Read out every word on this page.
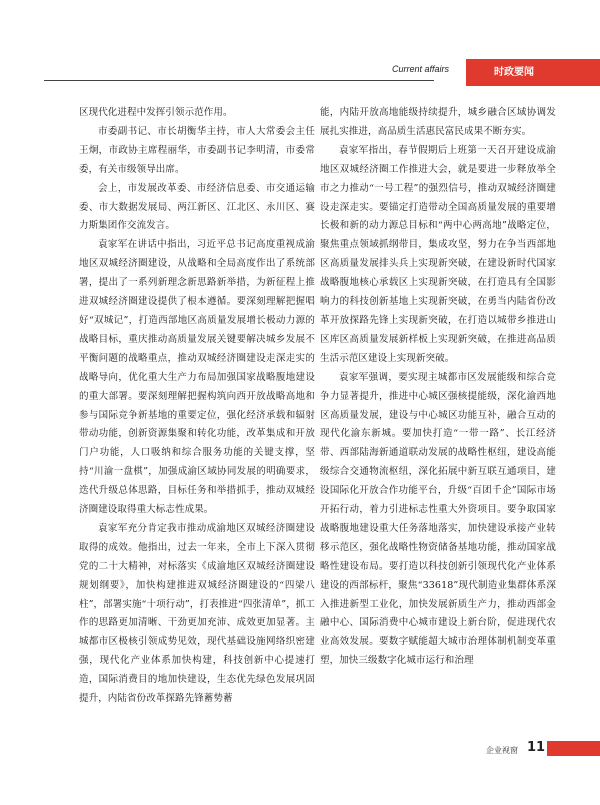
Current affairs	时政要闻

区现代化进程中发挥引领示范作用。

市委副书记、市长胡衡华主持，市人大常委会主任王炯，市政协主席程丽华，市委副书记李明清，市委常委，有关市级领导出席。

会上，市发展改革委、市经济信息委、市交通运输委、市大数据发展局、两江新区、江北区、永川区、赛力斯集团作交流发言。

袁家军在讲话中指出，习近平总书记高度重视成渝地区双城经济圈建设，从战略和全局高度作出了系统部署，提出了一系列新理念新思路新举措，为新征程上推进双城经济圈建设提供了根本遵循。要深刻理解把握唱好“双城记”，打造西部地区高质量发展增长极动力源的战略目标，重庆推动高质量发展关键要解决城乡发展不平衡问题的战略重点，推动双城经济圈建设走深走实的战略导向，优化重大生产力布局加强国家战略腹地建设的重大部署。要深刻理解把握构筑向西开放战略高地和参与国际竞争新基地的重要定位，强化经济承载和辐射带动功能，创新资源集聚和转化功能，改革集成和开放门户功能，人口吸纳和综合服务功能的关键支撑，坚持“川渝一盘棋”，加强成渝区域协同发展的明确要求，迭代升级总体思路，目标任务和举措抓手，推动双城经济圈建设取得重大标志性成果。

袁家军充分肯定我市推动成渝地区双城经济圈建设取得的成效。他指出，过去一年来，全市上下深入贯彻党的二十大精神，对标落实《成渝地区双城经济圈建设规划纲要》，加快构建推进双城经济圈建设的“四梁八柱”，部署实施“十项行动”，打表推进“四张清单”，抓工作的思路更加清晰、干劲更加充沛、成效更加显著。主城都市区极核引领成势见效，现代基础设施网络织密建强，现代化产业体系加快构建，科技创新中心提速打造，国际消费目的地加快建设，生态优先绿色发展巩固提升，内陆省份改革探路先锋蓄势蓄

能，内陆开放高地能级持续提升，城乡融合区域协调发展扎实推进，高品质生活惠民富民成果不断夯实。

袁家军指出，春节假期后上班第一天召开建设成渝地区双城经济圈工作推进大会，就是要进一步释放举全市之力推动“一号工程”的强烈信号，推动双城经济圈建设走深走实。要锚定打造带动全国高质量发展的重要增长极和新的动力源总目标和“两中心两高地”战略定位，聚焦重点领域抓纲带目，集成攻坚，努力在争当西部地区高质量发展排头兵上实现新突破，在建设新时代国家战略腹地核心承载区上实现新突破，在打造具有全国影响力的科技创新基地上实现新突破，在勇当内陆省份改革开放探路先锋上实现新突破，在打造以城带乡推进山区库区高质量发展新样板上实现新突破，在推进高品质生活示范区建设上实现新突破。

袁家军强调，要实现主城都市区发展能级和综合竞争力显著提升，推进中心城区强核提能级，深化渝西地区高质量发展，建设与中心城区功能互补，融合互动的现代化渝东新城。要加快打造“一带一路”、长江经济带、西部陆海新通道联动发展的战略性枢纽，建设高能级综合交通物流枢纽，深化拓展中新互联互通项目，建设国际化开放合作功能平台，升级“百团千企”国际市场开拓行动，着力引进标志性重大外资项目。要争取国家战略腹地建设重大任务落地落实，加快建设承接产业转移示范区，强化战略性物资储备基地功能，推动国家战略性建设布局。要打造以科技创新引领现代化产业体系建设的西部标杆，聚焦“33618”现代制造业集群体系深入推进新型工业化，加快发展新质生产力，推动西部金融中心、国际消费中心城市建设上新台阶，促进现代农业高效发展。要数字赋能超大城市治理体制机制变革重塑，加快三级数字化城市运行和治理

企业视窗 11
